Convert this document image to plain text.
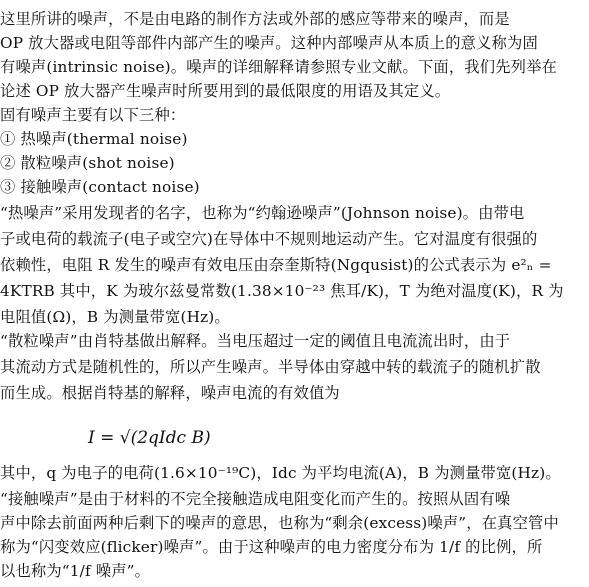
这里所讲的噪声，不是由电路的制作方法或外部的感应等带来的噪声，而是
OP 放大器或电阻等部件内部产生的噪声。这种内部噪声从本质上的意义称为固
有噪声(intrinsic noise)。噪声的详细解释请参照专业文献。下面，我们先列举在
论述 OP 放大器产生噪声时所要用到的最低限度的用语及其定义。
固有噪声主要有以下三种：
① 热噪声(thermal noise)
② 散粒噪声(shot noise)
③ 接触噪声(contact noise)
“热噪声”采用发现者的名字，也称为“约翰逊噪声”(Johnson noise)。由带电
子或电荷的载流子(电子或空穴)在导体中不规则地运动产生。它对温度有很强的
依赖性，电阻 R 发生的噪声有效电压由奈奎斯特(Ngqusist)的公式表示为 e²ₙ =
4KTRB 其中，K 为玻尔兹曼常数(1.38×10⁻²³ 焦耳/K)，T 为绝对温度(K)，R 为
电阻值(Ω)，B 为测量带宽(Hz)。
“散粒噪声”由肖特基做出解释。当电压超过一定的阈值且电流流出时，由于
其流动方式是随机性的，所以产生噪声。半导体由穿越中转的载流子的随机扩散
而生成。根据肖特基的解释，噪声电流的有效值为
I = √(2qIdc B)
其中，q 为电子的电荷(1.6×10⁻¹⁹C)，Idc 为平均电流(A)，B 为测量带宽(Hz)。
“接触噪声”是由于材料的不完全接触造成电阻变化而产生的。按照从固有噪
声中除去前面两种后剩下的噪声的意思，也称为“剩余(excess)噪声”，在真空管中
称为“闪变效应(flicker)噪声”。由于这种噪声的电力密度分布为 1/f 的比例，所
以也称为“1/f 噪声”。
